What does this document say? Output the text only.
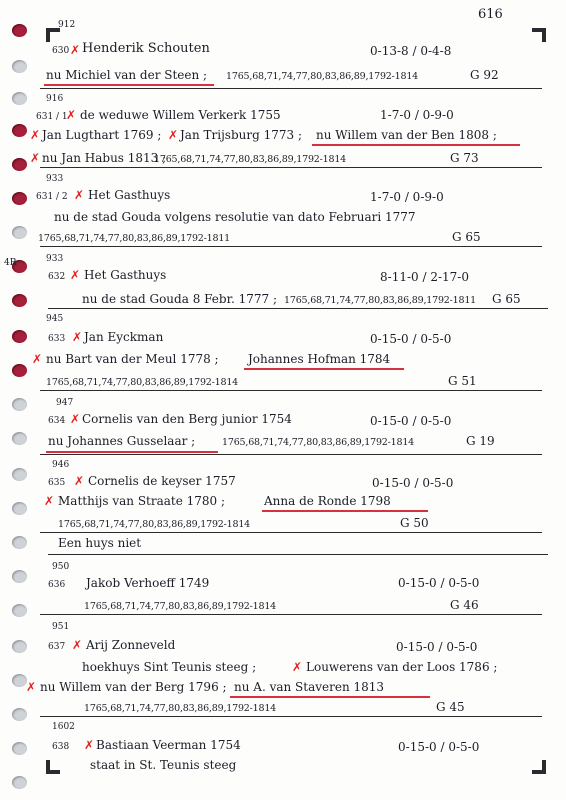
616
4R
912
630 ✗ Henderik Schouten	0-13-8 / 0-4-8
nu Michiel van der Steen ; 1765,68,71,74,77,80,83,86,89,1792-1814	G 92
916
631 / 1
✗ de weduwe Willem Verkerk 1755	1-7-0 / 0-9-0
✗ Jan Lugthart 1769 ; ✗ Jan Trijsburg 1773 ; nu Willem van der Ben 1808 ;
✗ nu Jan Habus 1813 ;
1765,68,71,74,77,80,83,86,89,1792-1814	G 73
933
631 / 2 ✗ Het Gasthuys	1-7-0 / 0-9-0
nu de stad Gouda volgens resolutie van dato Februari 1777
1765,68,71,74,77,80,83,86,89,1792-1811	G 65
933
632 ✗ Het Gasthuys	8-11-0 / 2-17-0
nu de stad Gouda 8 Febr. 1777 ; 1765,68,71,74,77,80,83,86,89,1792-1811 G 65
945
633 ✗ Jan Eyckman	0-15-0 / 0-5-0
✗ nu Bart van der Meul 1778 ; Johannes Hofman 1784
1765,68,71,74,77,80,83,86,89,1792-1814	G 51
947
634 ✗ Cornelis van den Berg junior 1754	0-15-0 / 0-5-0
nu Johannes Gusselaar ;	1765,68,71,74,77,80,83,86,89,1792-1814	G 19
946
635 ✗ Cornelis de keyser 1757	0-15-0 / 0-5-0
✗ Matthijs van Straate 1780 ;	Anna de Ronde 1798
1765,68,71,74,77,80,83,86,89,1792-1814	G 50
Een huys niet
950
636 Jakob Verhoeff 1749	0-15-0 / 0-5-0
1765,68,71,74,77,80,83,86,89,1792-1814	G 46
951
637 ✗ Arij Zonneveld	0-15-0 / 0-5-0
hoekhuys Sint Teunis steeg ;	✗ Louwerens van der Loos 1786 ;
✗ nu Willem van der Berg 1796 ; nu A. van Staveren 1813
1765,68,71,74,77,80,83,86,89,1792-1814	G 45
1602
638 ✗ Bastiaan Veerman 1754	0-15-0 / 0-5-0
staat in St. Teunis steeg
